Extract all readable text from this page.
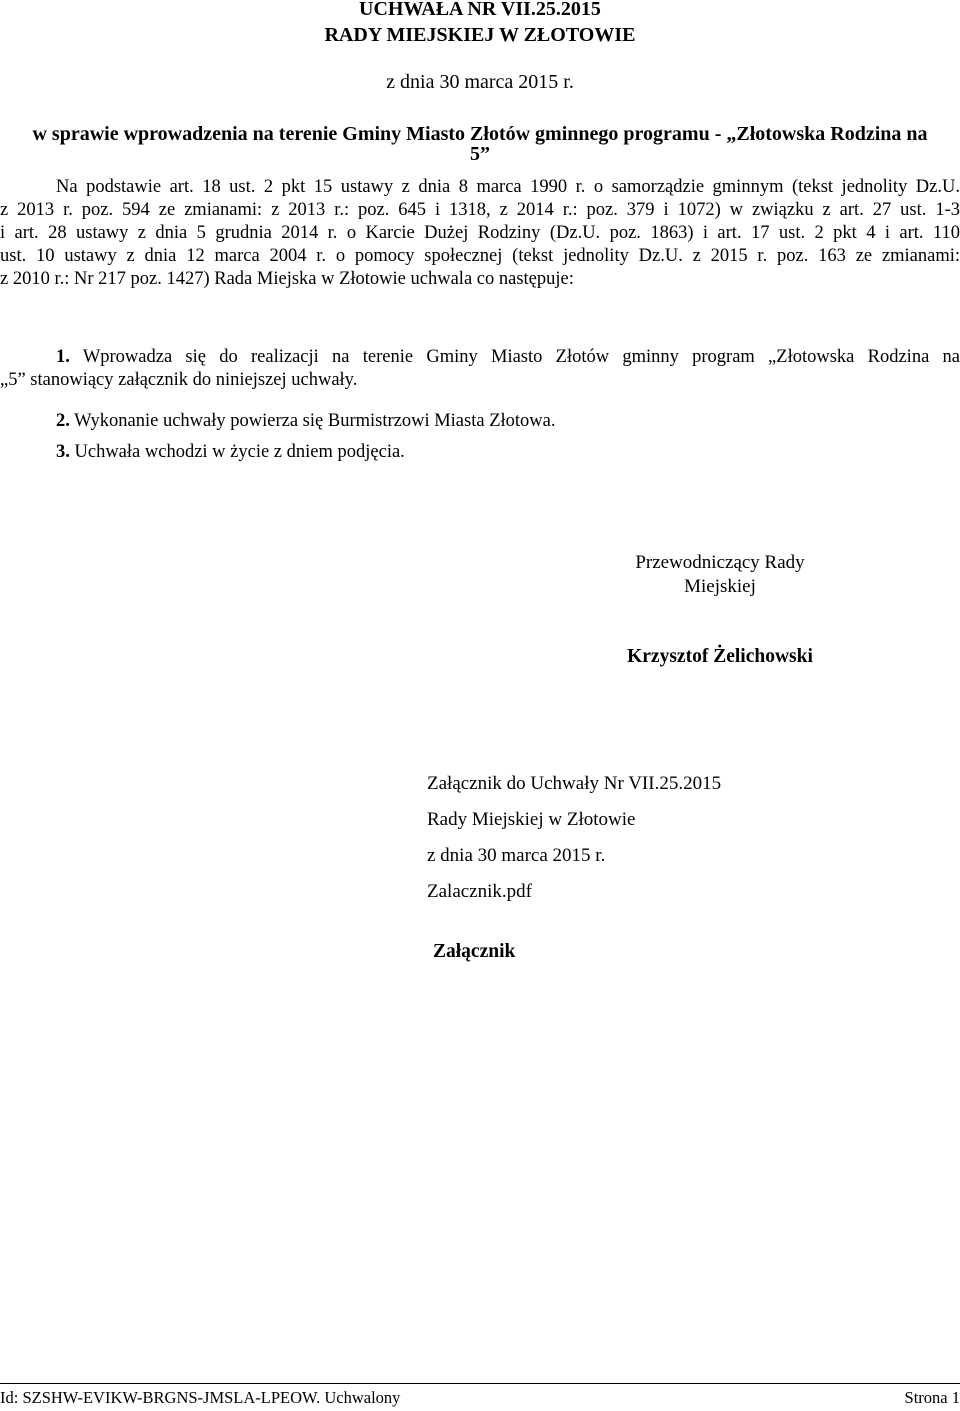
UCHWAŁA NR VII.25.2015
RADY MIEJSKIEJ W ZŁOTOWIE
z dnia 30 marca 2015 r.
w sprawie wprowadzenia na terenie Gminy Miasto Złotów gminnego programu - „Złotowska Rodzina na
5”
Na podstawie art. 18 ust. 2 pkt 15 ustawy z dnia 8 marca 1990 r. o samorządzie gminnym (tekst jednolity Dz.U.
z 2013 r. poz. 594 ze zmianami: z 2013 r.: poz. 645 i 1318, z 2014 r.: poz. 379 i 1072) w związku z art. 27 ust. 1-3
i art. 28 ustawy z dnia 5 grudnia 2014 r. o Karcie Dużej Rodziny (Dz.U. poz. 1863) i art. 17 ust. 2 pkt 4 i art. 110
ust. 10 ustawy z dnia 12 marca 2004 r. o pomocy społecznej (tekst jednolity Dz.U. z 2015 r. poz. 163 ze zmianami:
z 2010 r.: Nr 217 poz. 1427) Rada Miejska w Złotowie uchwala co następuje:
1. Wprowadza się do realizacji na terenie Gminy Miasto Złotów gminny program „Złotowska Rodzina na
„5” stanowiący załącznik do niniejszej uchwały.
2. Wykonanie uchwały powierza się Burmistrzowi Miasta Złotowa.
3. Uchwała wchodzi w życie z dniem podjęcia.
Przewodniczący Rady
Miejskiej
Krzysztof Żelichowski
Załącznik do Uchwały Nr VII.25.2015
Rady Miejskiej w Złotowie
z dnia 30 marca 2015 r.
Zalacznik.pdf
Załącznik
Id: SZSHW-EVIKW-BRGNS-JMSLA-LPEOW. Uchwalony	Strona 1
